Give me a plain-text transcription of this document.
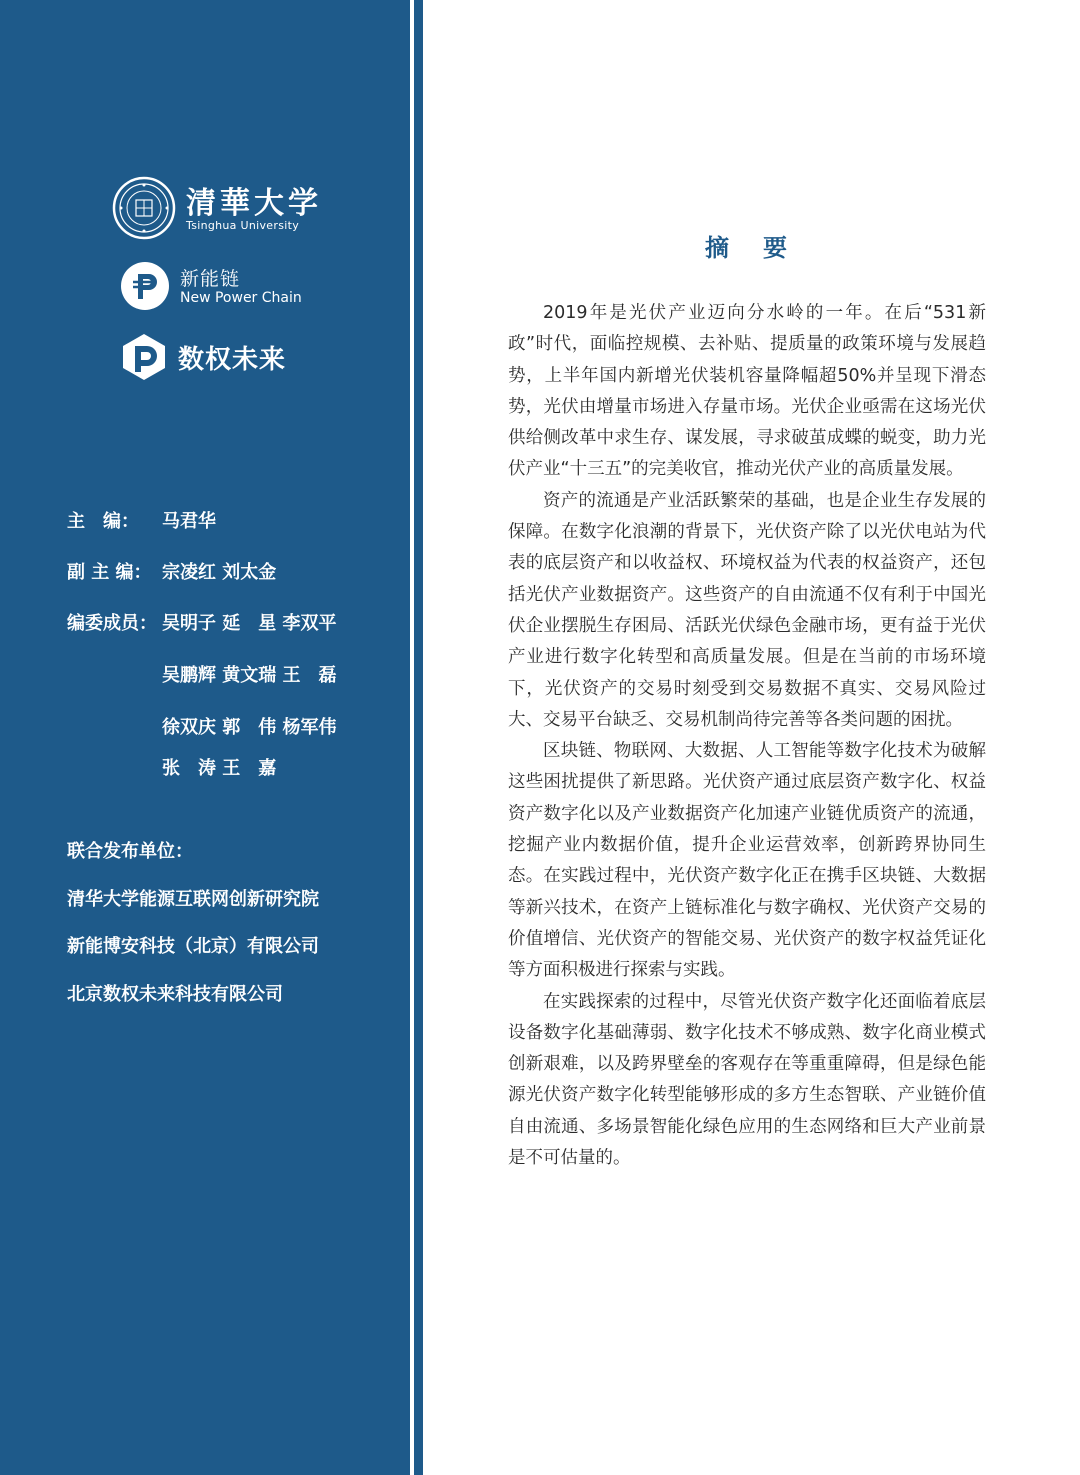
清華大学
Tsinghua University
新能链
New Power Chain
数权未来
主　编： 马君华
副 主 编： 宗凌红 刘太金
编委成员： 吴明子 延　星 李双平
吴鹏辉 黄文瑞 王　磊
徐双庆 郭　伟 杨军伟
张　涛 王　嘉
联合发布单位：
清华大学能源互联网创新研究院
新能博安科技（北京）有限公司
北京数权未来科技有限公司
摘要

2019年是光伏产业迈向分水岭的一年。在后“531新政”时代，面临控规模、去补贴、提质量的政策环境与发展趋势，上半年国内新增光伏装机容量降幅超50%并呈现下滑态势，光伏由增量市场进入存量市场。光伏企业亟需在这场光伏供给侧改革中求生存、谋发展，寻求破茧成蝶的蜕变，助力光伏产业“十三五”的完美收官，推动光伏产业的高质量发展。

资产的流通是产业活跃繁荣的基础，也是企业生存发展的保障。在数字化浪潮的背景下，光伏资产除了以光伏电站为代表的底层资产和以收益权、环境权益为代表的权益资产，还包括光伏产业数据资产。这些资产的自由流通不仅有利于中国光伏企业摆脱生存困局、活跃光伏绿色金融市场，更有益于光伏产业进行数字化转型和高质量发展。但是在当前的市场环境下，光伏资产的交易时刻受到交易数据不真实、交易风险过大、交易平台缺乏、交易机制尚待完善等各类问题的困扰。

区块链、物联网、大数据、人工智能等数字化技术为破解这些困扰提供了新思路。光伏资产通过底层资产数字化、权益资产数字化以及产业数据资产化加速产业链优质资产的流通，挖掘产业内数据价值，提升企业运营效率，创新跨界协同生态。在实践过程中，光伏资产数字化正在携手区块链、大数据等新兴技术，在资产上链标准化与数字确权、光伏资产交易的价值增信、光伏资产的智能交易、光伏资产的数字权益凭证化等方面积极进行探索与实践。

在实践探索的过程中，尽管光伏资产数字化还面临着底层设备数字化基础薄弱、数字化技术不够成熟、数字化商业模式创新艰难，以及跨界壁垒的客观存在等重重障碍，但是绿色能源光伏资产数字化转型能够形成的多方生态智联、产业链价值自由流通、多场景智能化绿色应用的生态网络和巨大产业前景是不可估量的。
